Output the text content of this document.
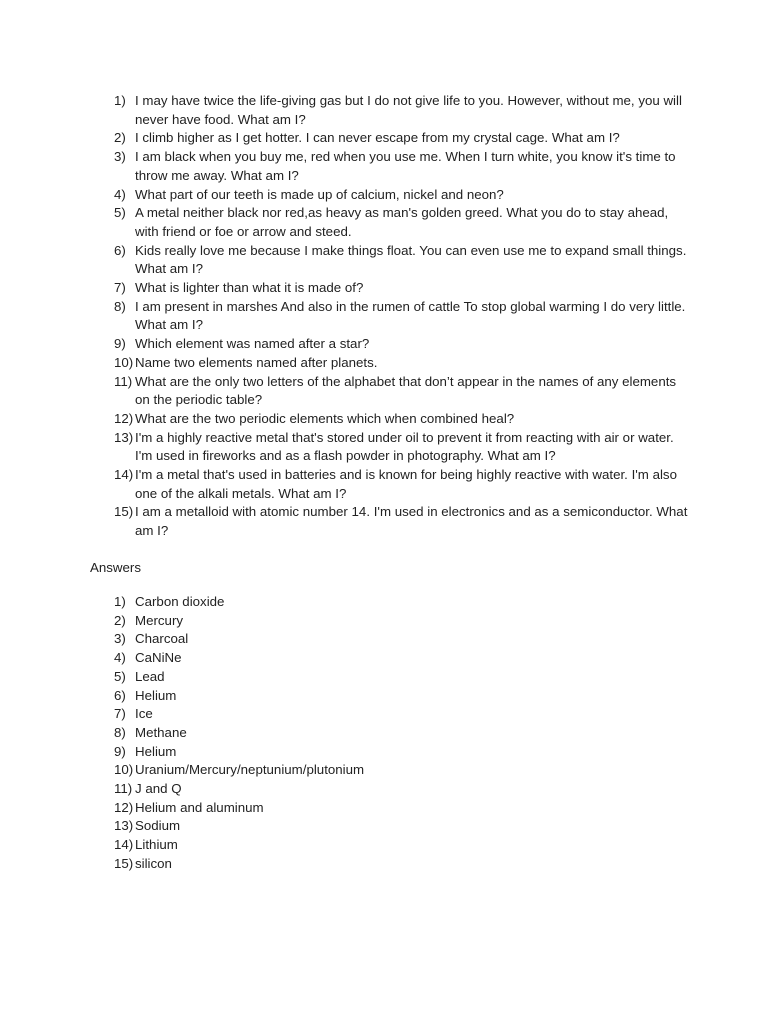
1) I may have twice the life-giving gas but I do not give life to you. However, without me, you will never have food. What am I?
2) I climb higher as I get hotter. I can never escape from my crystal cage. What am I?
3) I am black when you buy me, red when you use me. When I turn white, you know it's time to throw me away. What am I?
4) What part of our teeth is made up of calcium, nickel and neon?
5) A metal neither black nor red,as heavy as man's golden greed. What you do to stay ahead, with friend or foe or arrow and steed.
6) Kids really love me because I make things float. You can even use me to expand small things. What am I?
7) What is lighter than what it is made of?
8) I am present in marshes And also in the rumen of cattle To stop global warming I do very little. What am I?
9) Which element was named after a star?
10) Name two elements named after planets.
11) What are the only two letters of the alphabet that don’t appear in the names of any elements on the periodic table?
12) What are the two periodic elements which when combined heal?
13) I'm a highly reactive metal that's stored under oil to prevent it from reacting with air or water. I'm used in fireworks and as a flash powder in photography. What am I?
14) I'm a metal that's used in batteries and is known for being highly reactive with water. I'm also one of the alkali metals. What am I?
15) I am a metalloid with atomic number 14. I'm used in electronics and as a semiconductor. What am I?
Answers
1) Carbon dioxide
2) Mercury
3) Charcoal
4) CaNiNe
5) Lead
6) Helium
7) Ice
8) Methane
9) Helium
10) Uranium/Mercury/neptunium/plutonium
11) J and Q
12) Helium and aluminum
13) Sodium
14) Lithium
15) silicon
